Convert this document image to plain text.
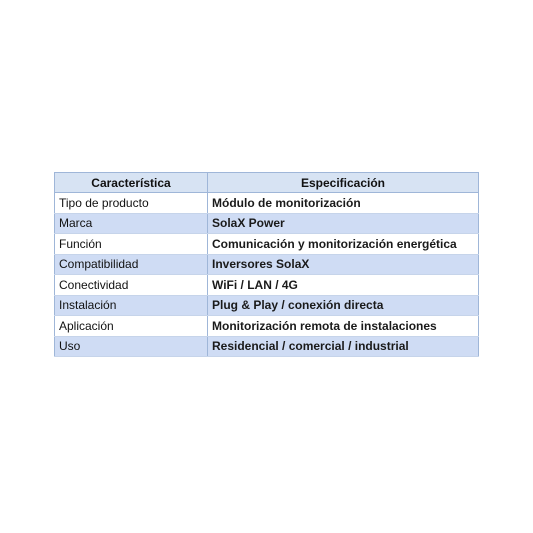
Característica	Especificación
Tipo de producto	Módulo de monitorización
Marca	SolaX Power
Función	Comunicación y monitorización energética
Compatibilidad	Inversores SolaX
Conectividad	WiFi / LAN / 4G
Instalación	Plug & Play / conexión directa
Aplicación	Monitorización remota de instalaciones
Uso	Residencial / comercial / industrial
